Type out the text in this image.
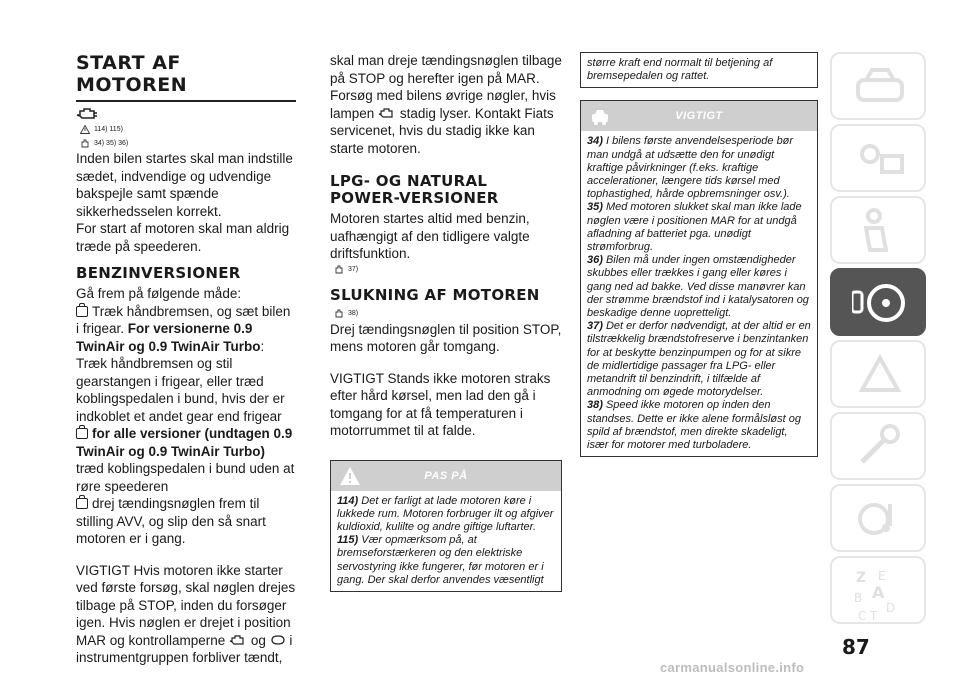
START AF MOTOREN
114) 115)
34) 35) 36)

Inden bilen startes skal man indstille sædet, indvendige og udvendige bakspejle samt spænde sikkerhedsselen korrekt.

For start af motoren skal man aldrig træde på speederen.

BENZINVERSIONER

Gå frem på følgende måde:

Træk håndbremsen, og sæt bilen i frigear. For versionerne 0.9 TwinAir og 0.9 TwinAir Turbo: Træk håndbremsen og stil gearstangen i frigear, eller træd koblingspedalen i bund, hvis der er indkoblet et andet gear end frigear

for alle versioner (undtagen 0.9 TwinAir og 0.9 TwinAir Turbo) træd koblingspedalen i bund uden at røre speederen

drej tændingsnøglen frem til stilling AVV, og slip den så snart motoren er i gang.

VIGTIGT Hvis motoren ikke starter ved første forsøg, skal nøglen drejes tilbage på STOP, inden du forsøger igen. Hvis nøglen er drejet i position MAR og kontrollamperne og i instrumentgruppen forbliver tændt,

skal man dreje tændingsnøglen tilbage på STOP og herefter igen på MAR. Forsøg med bilens øvrige nøgler, hvis lampen stadig lyser. Kontakt Fiats servicenet, hvis du stadig ikke kan starte motoren.

LPG- OG NATURAL POWER-VERSIONER

Motoren startes altid med benzin, uafhængigt af den tidligere valgte driftsfunktion.

37)
SLUKNING AF MOTOREN
38)

Drej tændingsnøglen til position STOP, mens motoren går tomgang.

VIGTIGT Stands ikke motoren straks efter hård kørsel, men lad den gå i tomgang for at få temperaturen i motorrummet til at falde.

PAS PÅ
114) Det er farligt at lade motoren køre i lukkede rum. Motoren forbruger ilt og afgiver kuldioxid, kulilte og andre giftige luftarter.
115) Vær opmærksom på, at bremseforstærkeren og den elektriske servostyring ikke fungerer, før motoren er i gang. Der skal derfor anvendes væsentligt
større kraft end normalt til betjening af bremsepedalen og rattet.
VIGTIGT
34) I bilens første anvendelsesperiode bør man undgå at udsætte den for unødigt kraftige påvirkninger (f.eks. kraftige accelerationer, længere tids kørsel med tophastighed, hårde opbremsninger osv.).
35) Med motoren slukket skal man ikke lade nøglen være i positionen MAR for at undgå afladning af batteriet pga. unødigt strømforbrug.
36) Bilen må under ingen omstændigheder skubbes eller trækkes i gang eller køres i gang ned ad bakke. Ved disse manøvrer kan der strømme brændstof ind i katalysatoren og beskadige denne uopretteligt.
37) Det er derfor nødvendigt, at der altid er en tilstrækkelig brændstofreserve i benzintanken for at beskytte benzinpumpen og for at sikre de midlertidige passager fra LPG- eller metandrift til benzindrift, i tilfælde af anmodning om øgede motorydelser.
38) Speed ikke motoren op inden den standses. Dette er ikke alene formålsløst og spild af brændstof, men direkte skadeligt, især for motorer med turboladere.
Z E
B A
C T
D
87
carmanualsonline.info
